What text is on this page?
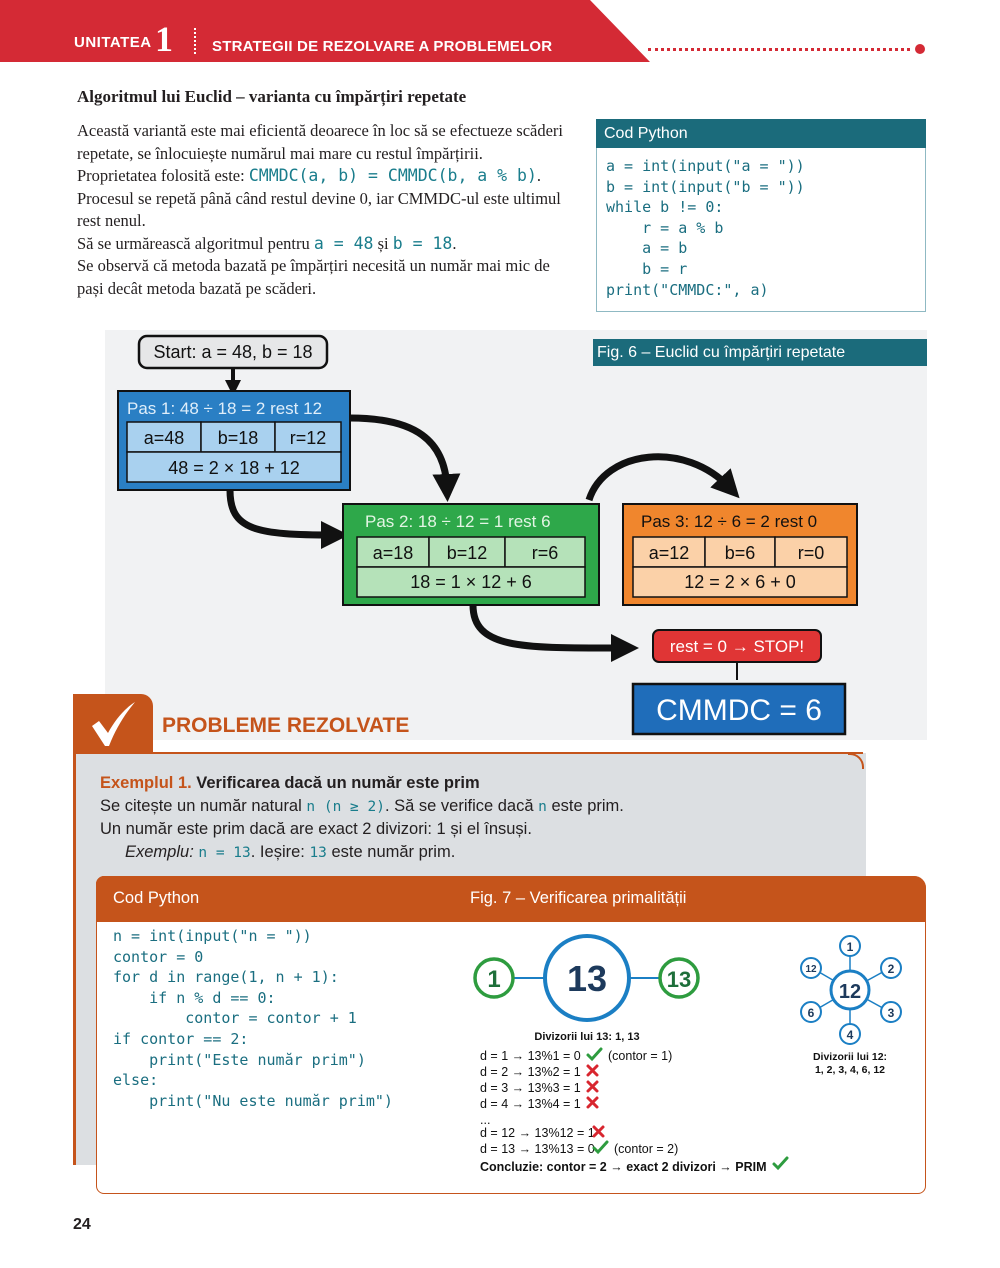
UNITATEA 1	STRATEGII DE REZOLVARE A PROBLEMELOR
Algoritmul lui Euclid – varianta cu împărțiri repetate

Această variantă este mai eficientă deoarece în loc să se efectueze scăderi repetate, se înlocuiește numărul mai mare cu restul împărțirii.

Proprietatea folosită este: CMMDC(a, b) = CMMDC(b, a % b).

Procesul se repetă până când restul devine 0, iar CMMDC-ul este ultimul rest nenul.

Să se urmărească algoritmul pentru a = 48 și b = 18.

Se observă că metoda bazată pe împărțiri necesită un număr mai mic de pași decât metoda bazată pe scăderi.

Cod Python
a = int(input("a = "))
b = int(input("b = "))
while b != 0:
r = a % b
a = b
b = r
print("CMMDC:", a)
Start: a = 48, b = 18
Pas 1: 48 ÷ 18 = 2 rest 12
a=48 b=18 r=12
48 = 2 × 18 + 12
Pas 2: 18 ÷ 12 = 1 rest 6
a=18 b=12 r=6
18 = 1 × 12 + 6
Pas 3: 12 ÷ 6 = 2 rest 0
a=12 b=6 r=0
12 = 2 × 6 + 0
rest = 0 → STOP!
CMMDC = 6
Fig. 6 – Euclid cu împărțiri repetate
PROBLEME REZOLVATE

Exemplul 1. Verificarea dacă un număr este prim

Se citește un număr natural n (n ≥ 2). Să se verifice dacă n este prim.

Un număr este prim dacă are exact 2 divizori: 1 și el însuși.

Exemplu: n = 13. Ieșire: 13 este număr prim.

Cod Python	Fig. 7 – Verificarea primalității
n = int(input("n = "))
contor = 0
for d in range(1, n + 1):
if n % d == 0:
contor = contor + 1
if contor == 2:
print("Este număr prim")
else:
print("Nu este număr prim")
1 13	13
Divizorii lui 13: 1, 13
12
1
2
3
4
6
12
Divizorii lui 12:
1, 2, 3, 4, 6, 12
d = 1 → 13%1 = 0 (contor = 1)
d = 2 → 13%2 = 1
d = 3 → 13%3 = 1
d = 4 → 13%4 = 1
...
d = 12 → 13%12 = 1
d = 13 → 13%13 = 0 (contor = 2)
Concluzie: contor = 2 → exact 2 divizori → PRIM
24
